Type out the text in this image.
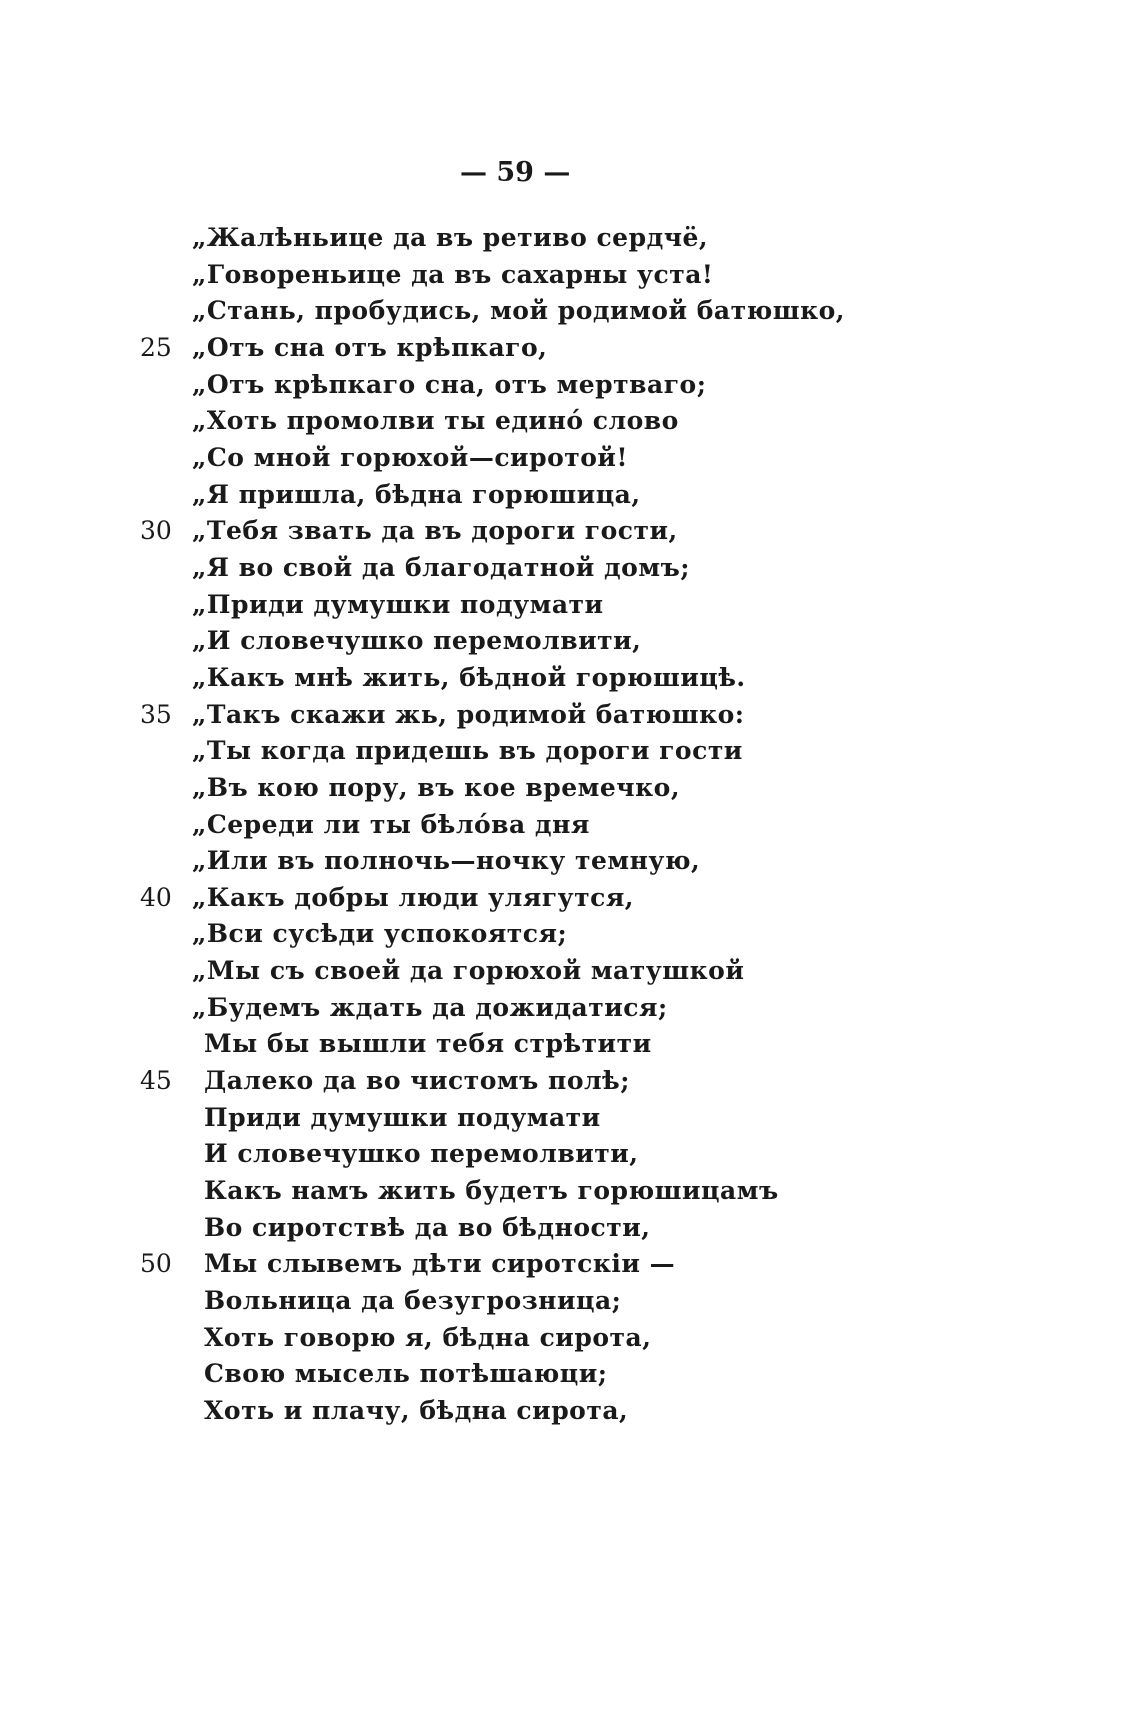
— 59 —
„Жалѣньице да въ ретиво сердчё,
„Говореньице да въ сахарны уста!
„Стань, пробудись, мой родимой батюшко,
25 „Отъ сна отъ крѣпкаго,
„Отъ крѣпкаго сна, отъ мертваго;
„Хоть промолви ты единó слово
„Со мной горюхой—сиротой!
„Я пришла, бѣдна горюшица,
30 „Тебя звать да въ дороги гости,
„Я во свой да благодатной домъ;
„Приди думушки подумати
„И словечушко перемолвити,
„Какъ мнѣ жить, бѣдной горюшицѣ.
35 „Такъ скажи жь, родимой батюшко:
„Ты когда придешь въ дороги гости
„Въ кою пору, въ кое времечко,
„Середи ли ты бѣлóва дня
„Или въ полночь—ночку темную,
40 „Какъ добры люди улягутся,
„Вси суcѣди успокоятся;
„Мы съ своей да горюхой матушкой
„Будемъ ждать да дожидатися;
Мы бы вышли тебя стрѣтити
45	Далеко да во чистомъ полѣ;
Приди думушки подумати
И словечушко перемолвити,
Какъ намъ жить будетъ горюшицамъ
Во сиротствѣ да во бѣдности,
50	Мы слывемъ дѣти сиротскiи —
Вольница да безугрозница;
Хоть говорю я, бѣдна сирота,
Свою мысель потѣшаюци;
Хоть и плачу, бѣдна сирота,
